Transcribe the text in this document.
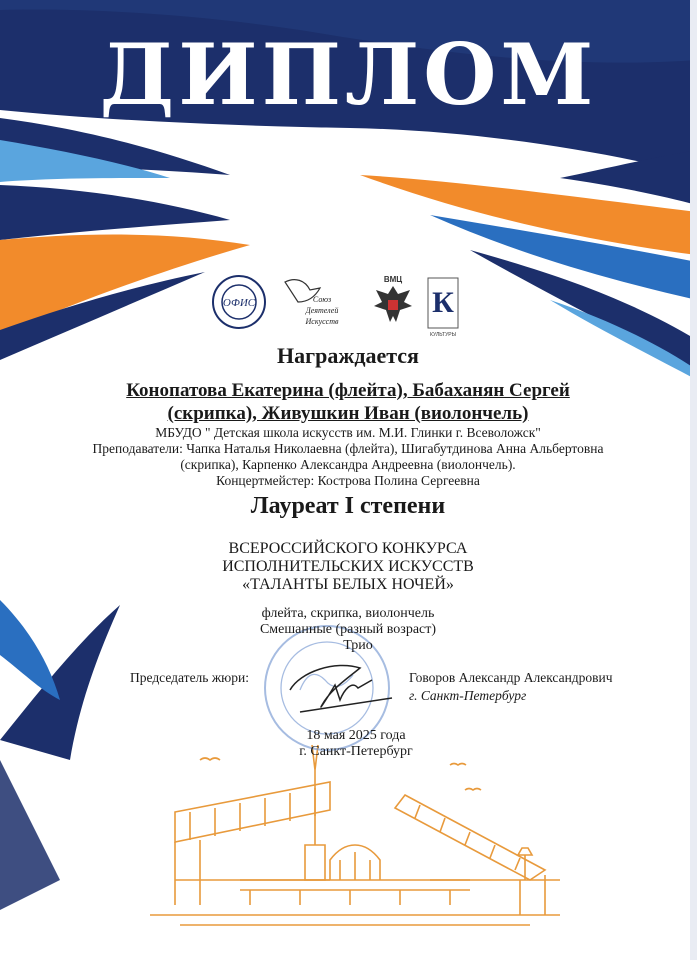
ДИПЛОМ
ОФИС	Союз
Деятелей
Искусств
ВМЦ
К
КУЛЬТУРЫ
Награждается
Конопатова Екатерина (флейта), Бабаханян Сергей
(скрипка), Живушкин Иван (виолончель)
МБУДО " Детская школа искусств им. М.И. Глинки г. Всеволожск"
Преподаватели: Чапка Наталья Николаевна (флейта), Шигабутдинова Анна Альбертовна
(скрипка), Карпенко Александра Андреевна (виолончель).
Концертмейстер: Кострова Полина Сергеевна
Лауреат I степени
ВСЕРОССИЙСКОГО КОНКУРСА
ИСПОЛНИТЕЛЬСКИХ ИСКУССТВ
«ТАЛАНТЫ БЕЛЫХ НОЧЕЙ»
флейта, скрипка, виолончель
Смешанные (разный возраст)
Трио
Председатель жюри:	Говоров Александр Александрович
г. Санкт-Петербург
18 мая 2025 года
г. Санкт-Петербург
